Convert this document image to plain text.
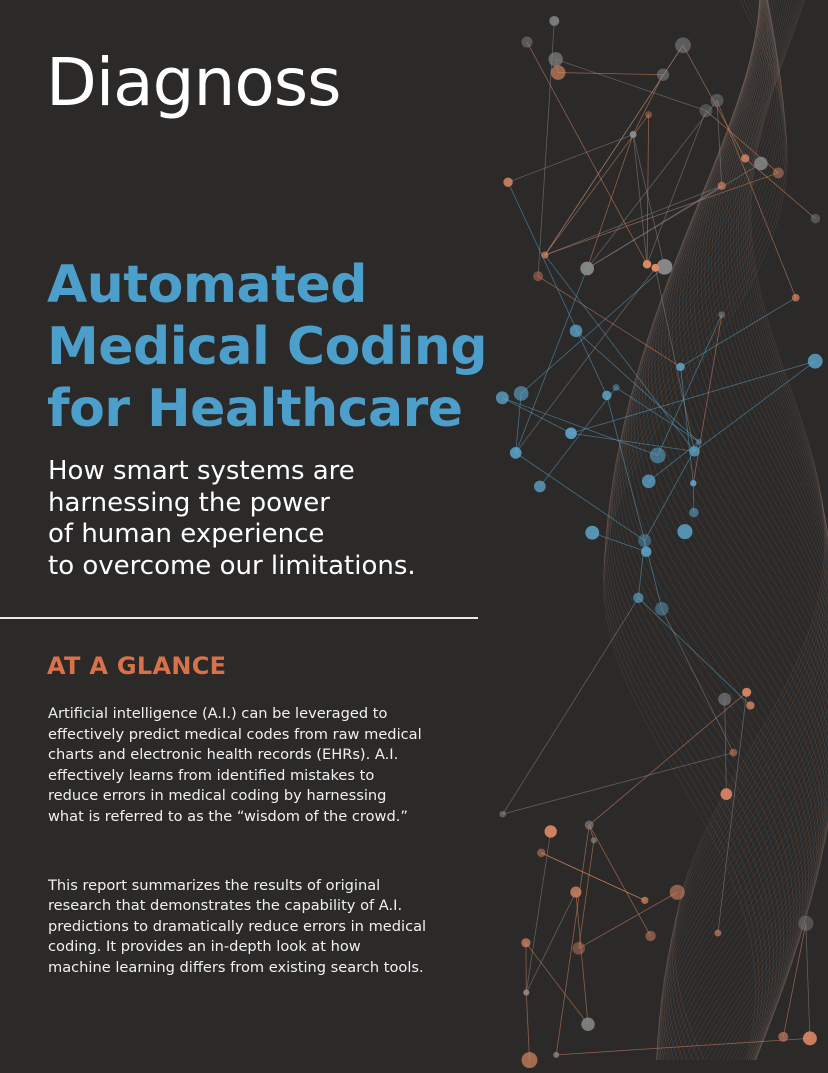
Diagnoss
Automated
Medical Coding
for Healthcare
How smart systems are
harnessing the power
of human experience
to overcome our limitations.
AT A GLANCE

Artificial intelligence (A.I.) can be leveraged to
effectively predict medical codes from raw medical
charts and electronic health records (EHRs). A.I.
effectively learns from identified mistakes to
reduce errors in medical coding by harnessing
what is referred to as the “wisdom of the crowd.”

This report summarizes the results of original
research that demonstrates the capability of A.I.
predictions to dramatically reduce errors in medical
coding. It provides an in-depth look at how
machine learning differs from existing search tools.
